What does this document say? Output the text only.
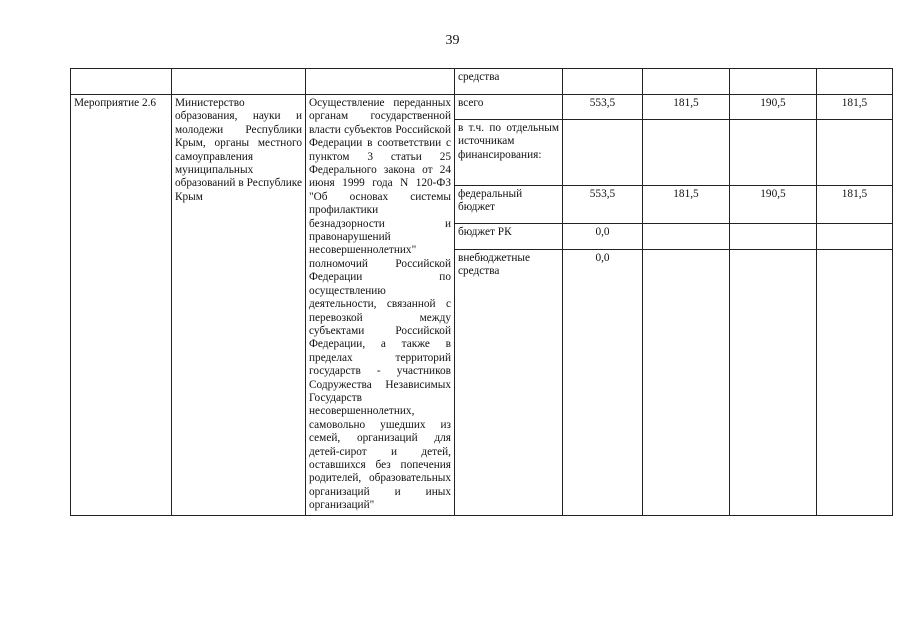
39
			средства				
Мероприятие 2.6	Министерство образования, науки и молодежи Республики Крым, органы местного самоуправления муниципальных образований в Республике Крым	Осуществление переданных органам государственной власти субъектов Российской Федерации в соответствии с пунктом 3 статьи 25 Федерального закона от 24 июня 1999 года N 120-ФЗ "Об основах системы профилактики безнадзорности и правонарушений несовершеннолетних" полномочий Российской Федерации по осуществлению деятельности, связанной с перевозкой между субъектами Российской Федерации, а также в пределах территорий государств - участников Содружества Независимых Государств несовершеннолетних, самовольно ушедших из семей, организаций для детей-сирот и детей, оставшихся без попечения родителей, образовательных организаций и иных организаций"	всего	553,5	181,5	190,5	181,5
			в т.ч. по отдельным источникам финансирования:				
			федеральный бюджет	553,5	181,5	190,5	181,5
			бюджет РК	0,0			
			внебюджетные средства	0,0			
